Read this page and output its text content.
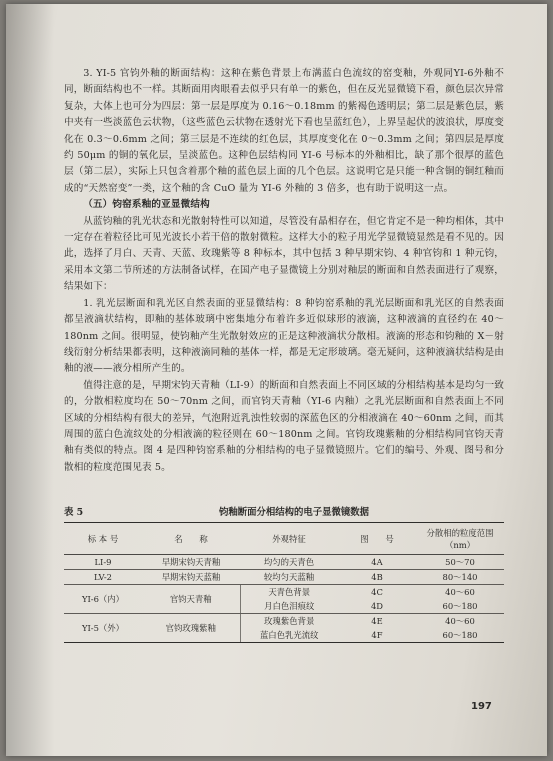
3. YI-5 官钧外釉的断面结构：这种在紫色背景上布满蓝白色流纹的窑变釉，外观同YI-6外釉不同，断面结构也不一样。其断面用肉眼看去似乎只有单一的紫色，但在反光显微镜下看，颜色层次异常复杂，大体上也可分为四层：第一层是厚度为 0.16～0.18mm 的紫褐色透明层；第二层是紫色层，紫中夹有一些淡蓝色云状物，（这些蓝色云状物在透射光下看也呈蓝红色），上界呈起伏的波浪状，厚度变化在 0.3～0.6mm 之间；第三层是不连续的红色层，其厚度变化在 0～0.3mm 之间；第四层是厚度约 50μm 的铜的氧化层，呈淡蓝色。这种色层结构同 YI-6 号标本的外釉相比，缺了那个很厚的蓝色层（第二层），实际上只包含着那个釉的蓝色层上面的几个色层。这说明它是只能一种含铜的铜红釉而成的“天然窑变”一类，这个釉的含 CuO 量为 YI-6 外釉的 3 倍多，也有助于说明这一点。

（五）钧窑系釉的亚显微结构

从蓝钧釉的乳光状态和光散射特性可以知道，尽管没有晶相存在，但它肯定不是一种均相体，其中一定存在着粒径比可见光波长小若干倍的散射微粒。这样大小的粒子用光学显微镜显然是看不见的。因此，选择了月白、天青、天蓝、玫瑰紫等 8 种标本，其中包括 3 种早期宋钧、4 种官钧和 1 种元钧，采用本文第二节所述的方法制备试样，在国产电子显微镜上分别对釉层的断面和自然表面进行了观察，结果如下：

1. 乳光层断面和乳光区自然表面的亚显微结构：8 种钧窑系釉的乳光层断面和乳光区的自然表面都呈液滴状结构，即釉的基体玻璃中密集地分布着许多近似球形的液滴，这种液滴的直径约在 40～180nm 之间。很明显，使钧釉产生光散射效应的正是这种液滴状分散相。液滴的形态和钧釉的 X－射线衍射分析结果都表明，这种液滴同釉的基体一样，都是无定形玻璃。毫无疑问，这种液滴状结构是由釉的液——液分相所产生的。

值得注意的是，早期宋钧天青釉（LI-9）的断面和自然表面上不同区域的分相结构基本是均匀一致的，分散相粒度均在 50～70nm 之间，而官钧天青釉（YI-6 内釉）之乳光层断面和自然表面上不同区域的分相结构有很大的差异，气泡附近乳浊性较弱的深蓝色区的分相液滴在 40～60nm 之间，而其周围的蓝白色流纹处的分相液滴的粒径则在 60～180nm 之间。官钧玫瑰紫釉的分相结构同官钧天青釉有类似的特点。图 4 是四种钧窑系釉的分相结构的电子显微镜照片。它们的编号、外观、图号和分散相的粒度范围见表 5。

表 5	钧釉断面分相结构的电子显微镜数据
标 本 号	名　　称	外观特征	图　　号	分散相的粒度范围（nm）
LI-9	早期宋钧天青釉	均匀的天青色	4A	50～70
LV-2	早期宋钧天蓝釉	较均匀天蓝釉	4B	80～140
YI-6（内）	官钧天青釉	天青色背景	4C	40～60
		月白色泪痕纹	4D	60～180
YI-5（外）	官钧玫瑰紫釉	玫瑰紫色背景	4E	40～60
		蓝白色乳光流纹	4F	60～180
197
